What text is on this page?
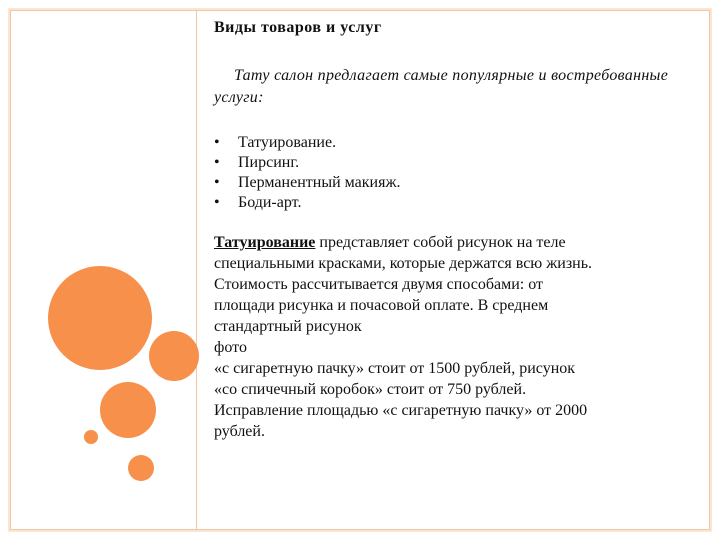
Виды товаров и услуг

Тату салон предлагает самые популярные и востребованные услуги:

• Татуирование.
• Пирсинг.
• Перманентный макияж.
• Боди-арт.
Татуирование представляет собой рисунок на теле
специальными красками, которые держатся всю жизнь.
Стоимость рассчитывается двумя способами: от
площади рисунка и почасовой оплате. В среднем
стандартный рисунок
фото
«с сигаретную пачку» стоит от 1500 рублей, рисунок
«со спичечный коробок» стоит от 750 рублей.
Исправление площадью «с сигаретную пачку» от 2000
рублей.
